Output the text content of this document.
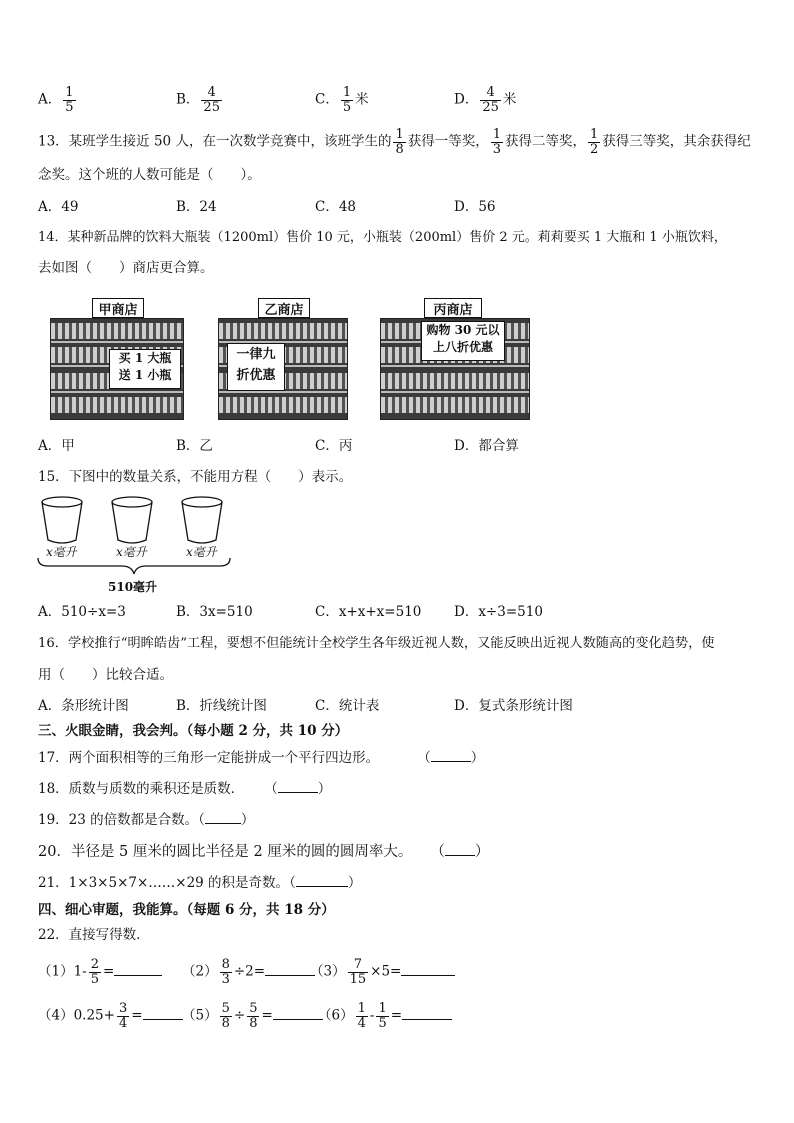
A． $\frac{1}{5}$	B． $\frac{4}{25}$	C． $\frac{1}{5}$ 米	D． $\frac{4}{25}$ 米
13．某班学生接近 50 人，在一次数学竞赛中，该班学生的 $\frac{1}{8}$ 获得一等奖， $\frac{1}{3}$ 获得二等奖， $\frac{1}{2}$ 获得三等奖，其余获得纪
念奖。这个班的人数可能是（　　）。
A．49	B．24	C．48	D．56
14．某种新品牌的饮料大瓶装（1200ml）售价 10 元，小瓶装（200ml）售价 2 元。莉莉要买 1 大瓶和 1 小瓶饮料，
去如图（　　）商店更合算。
买 1 大瓶
送 1 小瓶
甲商店
一律九
折优惠
乙商店
购物 30 元以
上八折优惠
丙商店
A．甲	B．乙	C．丙	D．都合算
15．下图中的数量关系，不能用方程（　　）表示。
x毫升	x毫升	x毫升
510毫升
A．510÷x=3	B．3x=510	C．x+x+x=510 D．x÷3=510
16．学校推行“明眸皓齿”工程，要想不但能统计全校学生各年级近视人数，又能反映出近视人数随高的变化趋势，使
用（　　）比较合适。
A．条形统计图	B．折线统计图	C．统计表	D．复式条形统计图
三、火眼金睛，我会判。（每小题 2 分，共 10 分）
17．两个面积相等的三角形一定能拼成一个平行四边形。	（	）
18．质数与质数的乘积还是质数． （	）
19．23 的倍数都是合数。（	）
20．半径是 5 厘米的圆比半径是 2 厘米的圆的圆周率大。 （ ）
21．1×3×5×7×……×29 的积是奇数。（	）
四、细心审题，我能算。（每题 6 分，共 18 分）
22．直接写得数．
$(1)1- \frac{2}{5}$ =	$(2) \frac{8}{3} \div 2=$	$(3) \frac{7}{15} \times 5=$
$(4)0.25+ \frac{3}{4}$ =	$(5) \frac{5}{8} \div \frac{5}{8}$ =	$(6) \frac{1}{4} - \frac{1}{5}$ =
